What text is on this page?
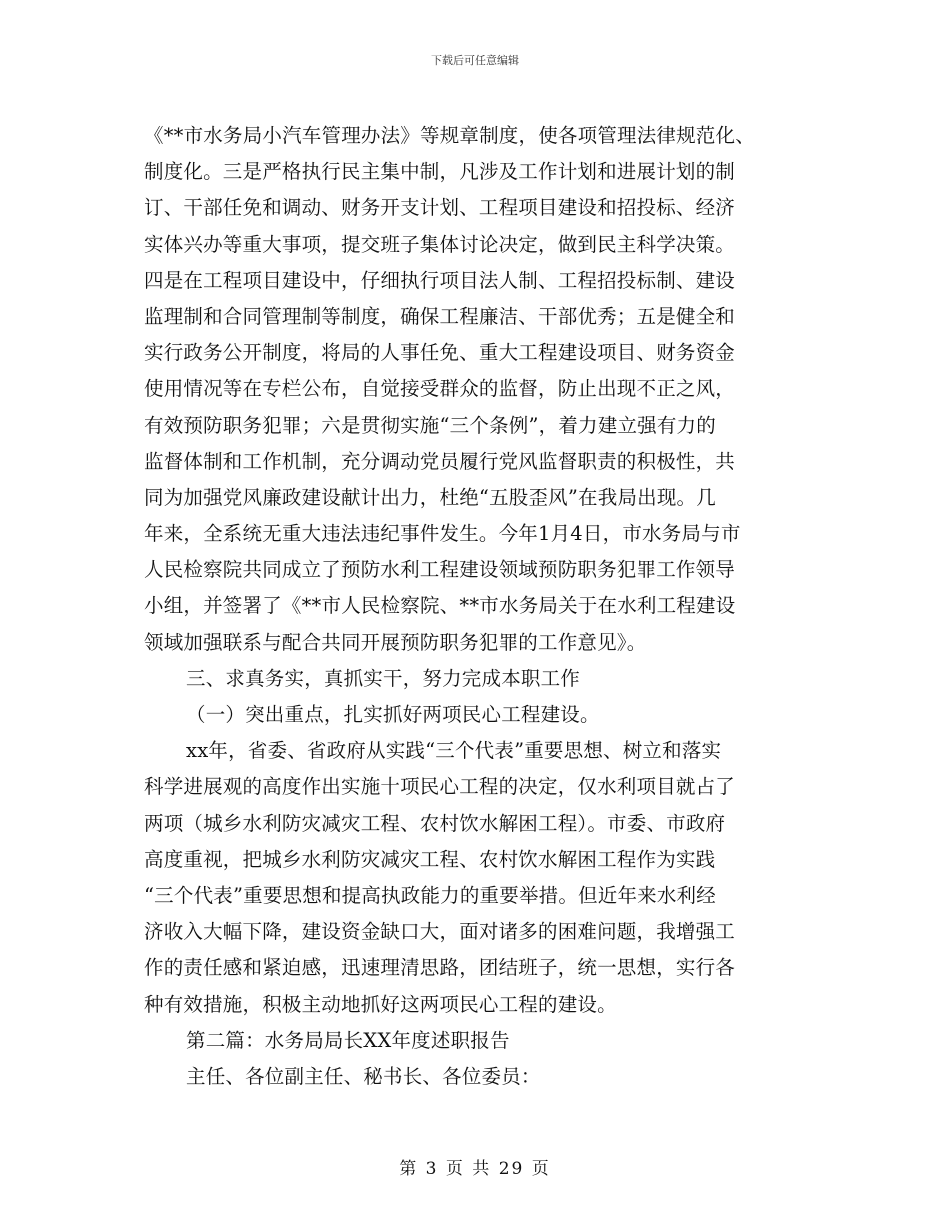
下载后可任意编辑
《**市水务局小汽车管理办法》等规章制度，使各项管理法律规范化、
制度化。三是严格执行民主集中制，凡涉及工作计划和进展计划的制
订、干部任免和调动、财务开支计划、工程项目建设和招投标、经济
实体兴办等重大事项，提交班子集体讨论决定，做到民主科学决策。
四是在工程项目建设中，仔细执行项目法人制、工程招投标制、建设
监理制和合同管理制等制度，确保工程廉洁、干部优秀；五是健全和
实行政务公开制度，将局的人事任免、重大工程建设项目、财务资金
使用情况等在专栏公布，自觉接受群众的监督，防止出现不正之风，
有效预防职务犯罪；六是贯彻实施“三个条例”，着力建立强有力的
监督体制和工作机制，充分调动党员履行党风监督职责的积极性，共
同为加强党风廉政建设献计出力，杜绝“五股歪风”在我局出现。几
年来，全系统无重大违法违纪事件发生。今年1月4日，市水务局与市
人民检察院共同成立了预防水利工程建设领域预防职务犯罪工作领导
小组，并签署了《**市人民检察院、**市水务局关于在水利工程建设
领域加强联系与配合共同开展预防职务犯罪的工作意见》。
三、求真务实，真抓实干，努力完成本职工作
（一）突出重点，扎实抓好两项民心工程建设。
xx年，省委、省政府从实践“三个代表”重要思想、树立和落实
科学进展观的高度作出实施十项民心工程的决定，仅水利项目就占了
两项（城乡水利防灾减灾工程、农村饮水解困工程）。市委、市政府
高度重视，把城乡水利防灾减灾工程、农村饮水解困工程作为实践
“三个代表”重要思想和提高执政能力的重要举措。但近年来水利经
济收入大幅下降，建设资金缺口大，面对诸多的困难问题，我增强工
作的责任感和紧迫感，迅速理清思路，团结班子，统一思想，实行各
种有效措施，积极主动地抓好这两项民心工程的建设。
第二篇：水务局局长XX年度述职报告
主任、各位副主任、秘书长、各位委员：
第 3 页 共 29 页
